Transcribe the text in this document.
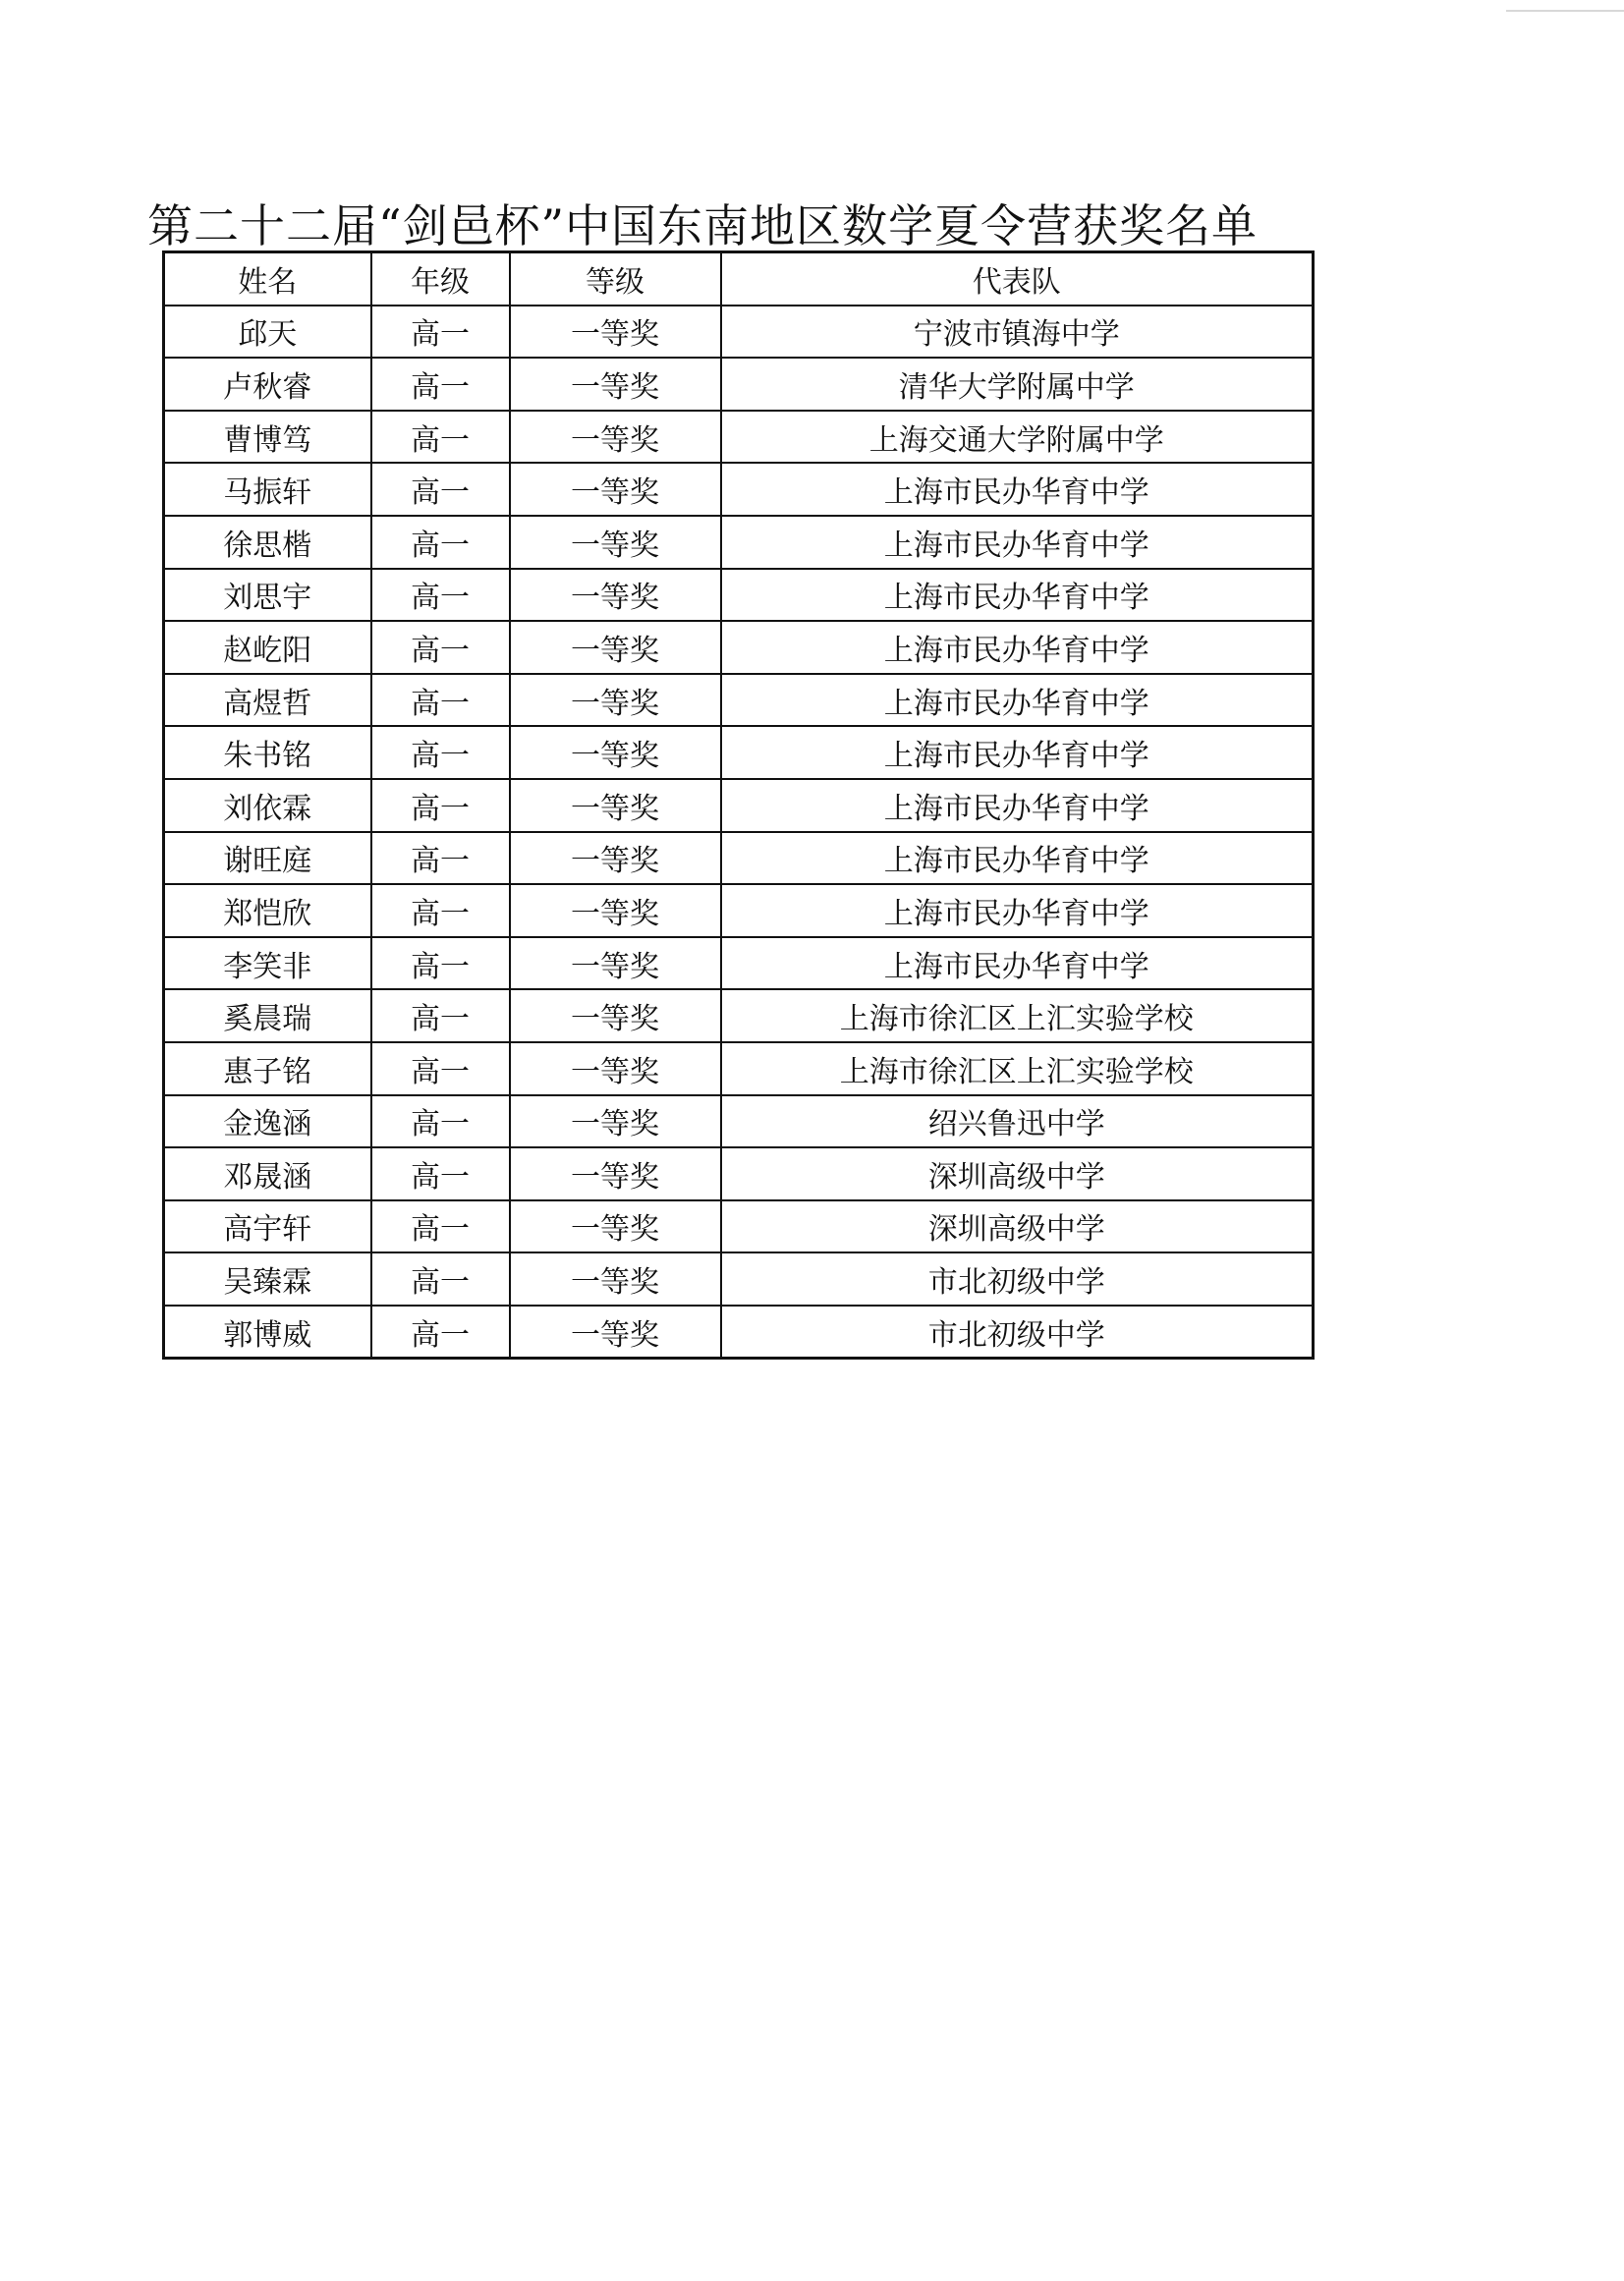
第二十二届“剑邑杯”中国东南地区数学夏令营获奖名单
姓名	年级	等级	代表队
邱天	高一	一等奖	宁波市镇海中学
卢秋睿	高一	一等奖	清华大学附属中学
曹博笃	高一	一等奖	上海交通大学附属中学
马振轩	高一	一等奖	上海市民办华育中学
徐思楷	高一	一等奖	上海市民办华育中学
刘思宇	高一	一等奖	上海市民办华育中学
赵屹阳	高一	一等奖	上海市民办华育中学
高煜哲	高一	一等奖	上海市民办华育中学
朱书铭	高一	一等奖	上海市民办华育中学
刘依霖	高一	一等奖	上海市民办华育中学
谢旺庭	高一	一等奖	上海市民办华育中学
郑恺欣	高一	一等奖	上海市民办华育中学
李笑非	高一	一等奖	上海市民办华育中学
奚晨瑞	高一	一等奖	上海市徐汇区上汇实验学校
惠子铭	高一	一等奖	上海市徐汇区上汇实验学校
金逸涵	高一	一等奖	绍兴鲁迅中学
邓晟涵	高一	一等奖	深圳高级中学
高宇轩	高一	一等奖	深圳高级中学
吴臻霖	高一	一等奖	市北初级中学
郭博威	高一	一等奖	市北初级中学
